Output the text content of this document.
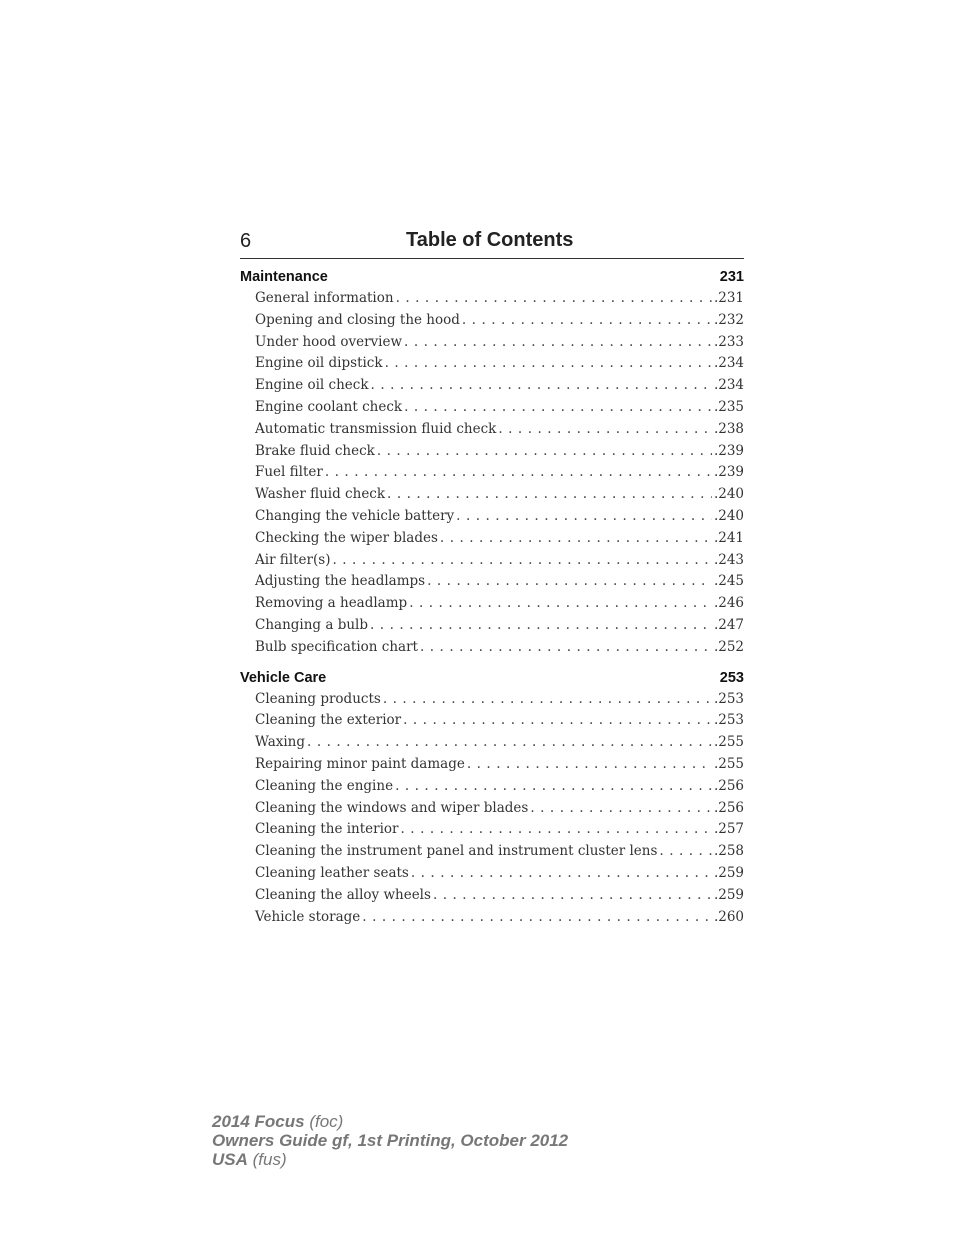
6	Table of Contents
Maintenance	231
General information . . .	.231
Opening and closing the hood . . .	.232
Under hood overview . . .	.233
Engine oil dipstick . . .	.234
Engine oil check . . .	.234
Engine coolant check . . .	.235
Automatic transmission fluid check . . .	.238
Brake fluid check . . .	.239
Fuel filter . . .	.239
Washer fluid check . . .	.240
Changing the vehicle battery . . .	.240
Checking the wiper blades . . .	.241
Air filter(s) . . .	.243
Adjusting the headlamps . . .	.245
Removing a headlamp . . .	.246
Changing a bulb . . .	.247
Bulb specification chart . . .	.252
Vehicle Care	253
Cleaning products . . .	.253
Cleaning the exterior . . .	.253
Waxing . . .	.255
Repairing minor paint damage . . .	.255
Cleaning the engine . . .	.256
Cleaning the windows and wiper blades . . .	.256
Cleaning the interior . . .	.257
Cleaning the instrument panel and instrument cluster lens . . .	.258
Cleaning leather seats . . .	.259
Cleaning the alloy wheels . . .	.259
Vehicle storage . . .	.260
2014 Focus (foc)
Owners Guide gf, 1st Printing, October 2012
USA (fus)
